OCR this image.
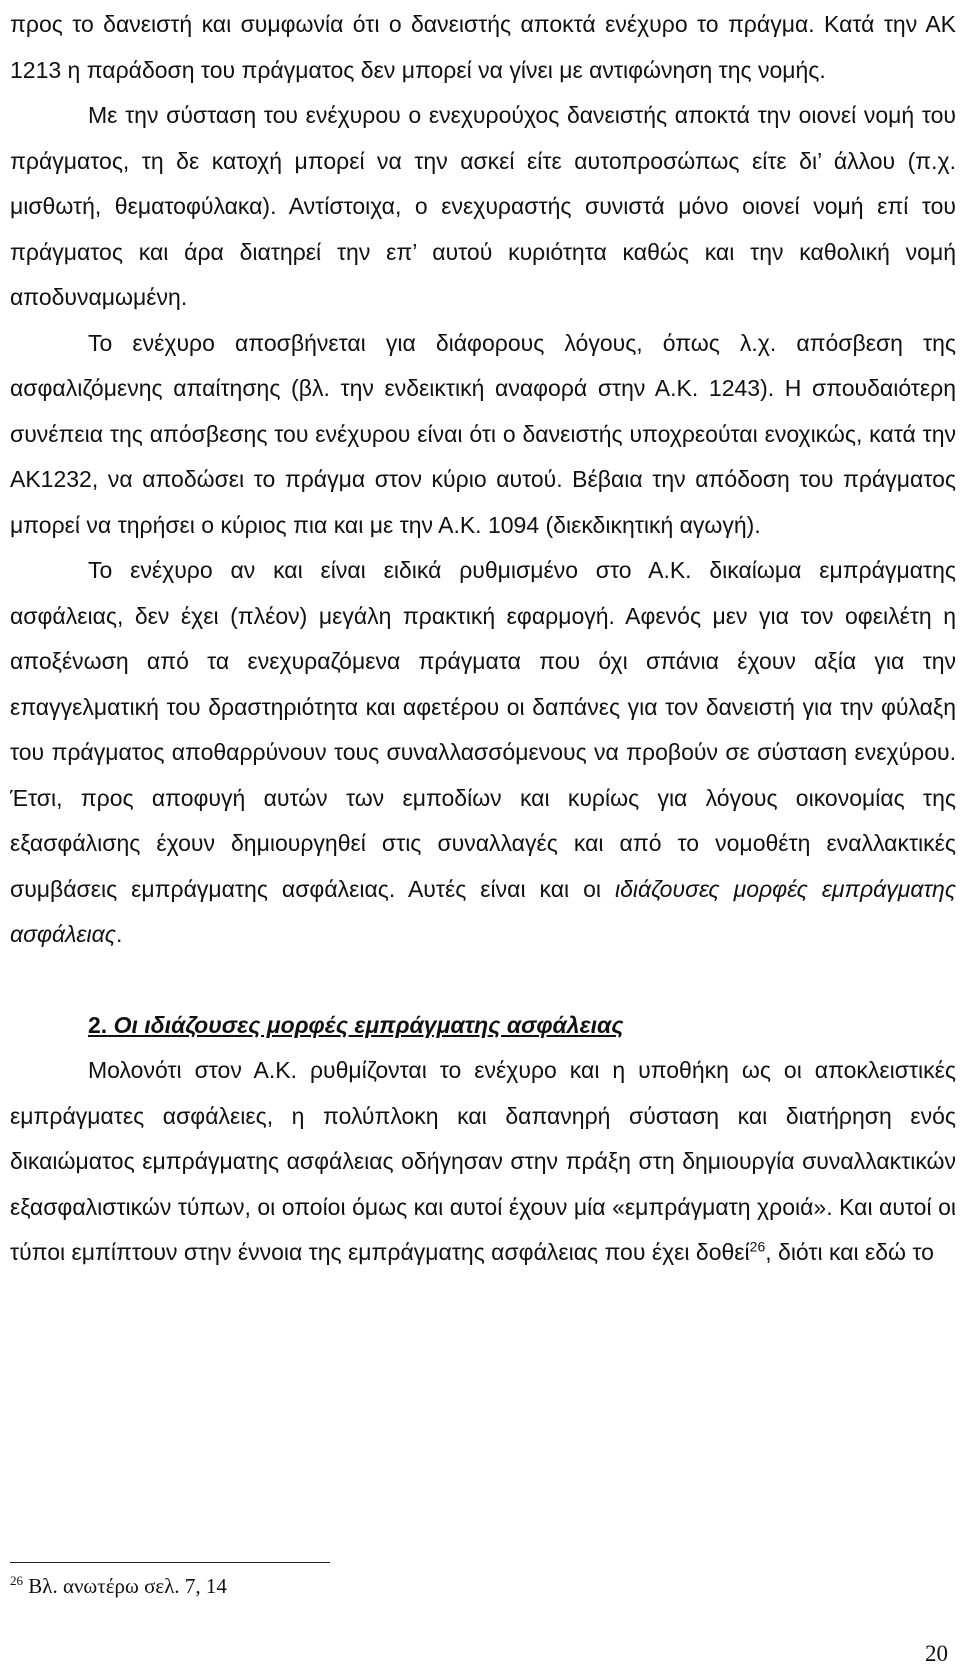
προς το δανειστή και συμφωνία ότι ο δανειστής αποκτά ενέχυρο το πράγμα. Κατά την ΑΚ 1213 η παράδοση του πράγματος δεν μπορεί να γίνει με αντιφώνηση της νομής.

Με την σύσταση του ενέχυρου ο ενεχυρούχος δανειστής αποκτά την οιονεί νομή του πράγματος, τη δε κατοχή μπορεί να την ασκεί είτε αυτοπροσώπως είτε δι’ άλλου (π.χ. μισθωτή, θεματοφύλακα). Αντίστοιχα, ο ενεχυραστής συνιστά μόνο οιονεί νομή επί του πράγματος και άρα διατηρεί την επ’ αυτού κυριότητα καθώς και την καθολική νομή αποδυναμωμένη.

Το ενέχυρο αποσβήνεται για διάφορους λόγους, όπως λ.χ. απόσβεση της ασφαλιζόμενης απαίτησης (βλ. την ενδεικτική αναφορά στην Α.Κ. 1243). Η σπουδαιότερη συνέπεια της απόσβεσης του ενέχυρου είναι ότι ο δανειστής υποχρεούται ενοχικώς, κατά την ΑΚ1232, να αποδώσει το πράγμα στον κύριο αυτού. Βέβαια την απόδοση του πράγματος μπορεί να τηρήσει ο κύριος πια και με την Α.Κ. 1094 (διεκδικητική αγωγή).

Το ενέχυρο αν και είναι ειδικά ρυθμισμένο στο Α.Κ. δικαίωμα εμπράγματης ασφάλειας, δεν έχει (πλέον) μεγάλη πρακτική εφαρμογή. Αφενός μεν για τον οφειλέτη η αποξένωση από τα ενεχυραζόμενα πράγματα που όχι σπάνια έχουν αξία για την επαγγελματική του δραστηριότητα και αφετέρου οι δαπάνες για τον δανειστή για την φύλαξη του πράγματος αποθαρρύνουν τους συναλλασσόμενους να προβούν σε σύσταση ενεχύρου. Έτσι, προς αποφυγή αυτών των εμποδίων και κυρίως για λόγους οικονομίας της εξασφάλισης έχουν δημιουργηθεί στις συναλλαγές και από το νομοθέτη εναλλακτικές συμβάσεις εμπράγματης ασφάλειας. Αυτές είναι και οι ιδιάζουσες μορφές εμπράγματης ασφάλειας.

2. Οι ιδιάζουσες μορφές εμπράγματης ασφάλειας

Μολονότι στον Α.Κ. ρυθμίζονται το ενέχυρο και η υποθήκη ως οι αποκλειστικές εμπράγματες ασφάλειες, η πολύπλοκη και δαπανηρή σύσταση και διατήρηση ενός δικαιώματος εμπράγματης ασφάλειας οδήγησαν στην πράξη στη δημιουργία συναλλακτικών εξασφαλιστικών τύπων, οι οποίοι όμως και αυτοί έχουν μία «εμπράγματη χροιά». Και αυτοί οι τύποι εμπίπτουν στην έννοια της εμπράγματης ασφάλειας που έχει δοθεί$^{26}$, διότι και εδώ το

$^{26}$ Βλ. ανωτέρω σελ. 7, 14
20
